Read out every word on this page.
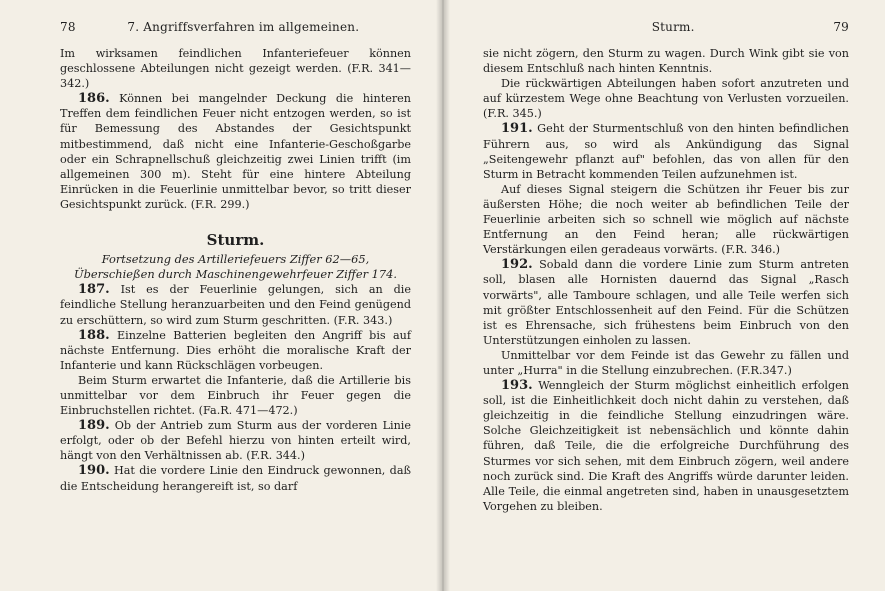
78	7. Angriffsverfahren im allgemeinen.

Im wirksamen feindlichen Infanteriefeuer können geschlossene Abteilungen nicht gezeigt werden. (F.R. 341—342.)

186. Können bei mangelnder Deckung die hinteren Treffen dem feindlichen Feuer nicht entzogen werden, so ist für Bemessung des Abstandes der Gesichtspunkt mitbestimmend, daß nicht eine Infanterie-Geschoßgarbe oder ein Schrapnellschuß gleichzeitig zwei Linien trifft (im allgemeinen 300 m). Steht für eine hintere Abteilung Einrücken in die Feuerlinie unmittelbar bevor, so tritt dieser Gesichtspunkt zurück. (F.R. 299.)

Sturm.

Fortsetzung des Artilleriefeuers Ziffer 62—65, Überschießen durch Maschinengewehrfeuer Ziffer 174.

187. Ist es der Feuerlinie gelungen, sich an die feindliche Stellung heranzuarbeiten und den Feind genügend zu erschüttern, so wird zum Sturm geschritten. (F.R. 343.)

188. Einzelne Batterien begleiten den Angriff bis auf nächste Entfernung. Dies erhöht die moralische Kraft der Infanterie und kann Rückschlägen vorbeugen.

Beim Sturm erwartet die Infanterie, daß die Artillerie bis unmittelbar vor dem Einbruch ihr Feuer gegen die Einbruchstellen richtet. (Fa.R. 471—472.)

189. Ob der Antrieb zum Sturm aus der vorderen Linie erfolgt, oder ob der Befehl hierzu von hinten erteilt wird, hängt von den Verhältnissen ab. (F.R. 344.)

190. Hat die vordere Linie den Eindruck gewonnen, daß die Entscheidung herangereift ist, so darf

Sturm.	79

sie nicht zögern, den Sturm zu wagen. Durch Wink gibt sie von diesem Entschluß nach hinten Kenntnis.

Die rückwärtigen Abteilungen haben sofort anzutreten und auf kürzestem Wege ohne Beachtung von Verlusten vorzueilen. (F.R. 345.)

191. Geht der Sturmentschluß von den hinten befindlichen Führern aus, so wird als Ankündigung das Signal „Seitengewehr pflanzt auf" befohlen, das von allen für den Sturm in Betracht kommenden Teilen aufzunehmen ist.

Auf dieses Signal steigern die Schützen ihr Feuer bis zur äußersten Höhe; die noch weiter ab befindlichen Teile der Feuerlinie arbeiten sich so schnell wie möglich auf nächste Entfernung an den Feind heran; alle rückwärtigen Verstärkungen eilen geradeaus vorwärts. (F.R. 346.)

192. Sobald dann die vordere Linie zum Sturm antreten soll, blasen alle Hornisten dauernd das Signal „Rasch vorwärts", alle Tamboure schlagen, und alle Teile werfen sich mit größter Entschlossenheit auf den Feind. Für die Schützen ist es Ehrensache, sich frühestens beim Einbruch von den Unterstützungen einholen zu lassen.

Unmittelbar vor dem Feinde ist das Gewehr zu fällen und unter „Hurra" in die Stellung einzubrechen. (F.R.347.)

193. Wenngleich der Sturm möglichst einheitlich erfolgen soll, ist die Einheitlichkeit doch nicht dahin zu verstehen, daß gleichzeitig in die feindliche Stellung einzudringen wäre. Solche Gleichzeitigkeit ist nebensächlich und könnte dahin führen, daß Teile, die die erfolgreiche Durchführung des Sturmes vor sich sehen, mit dem Einbruch zögern, weil andere noch zurück sind. Die Kraft des Angriffs würde darunter leiden. Alle Teile, die einmal angetreten sind, haben in unausgesetztem Vorgehen zu bleiben.
